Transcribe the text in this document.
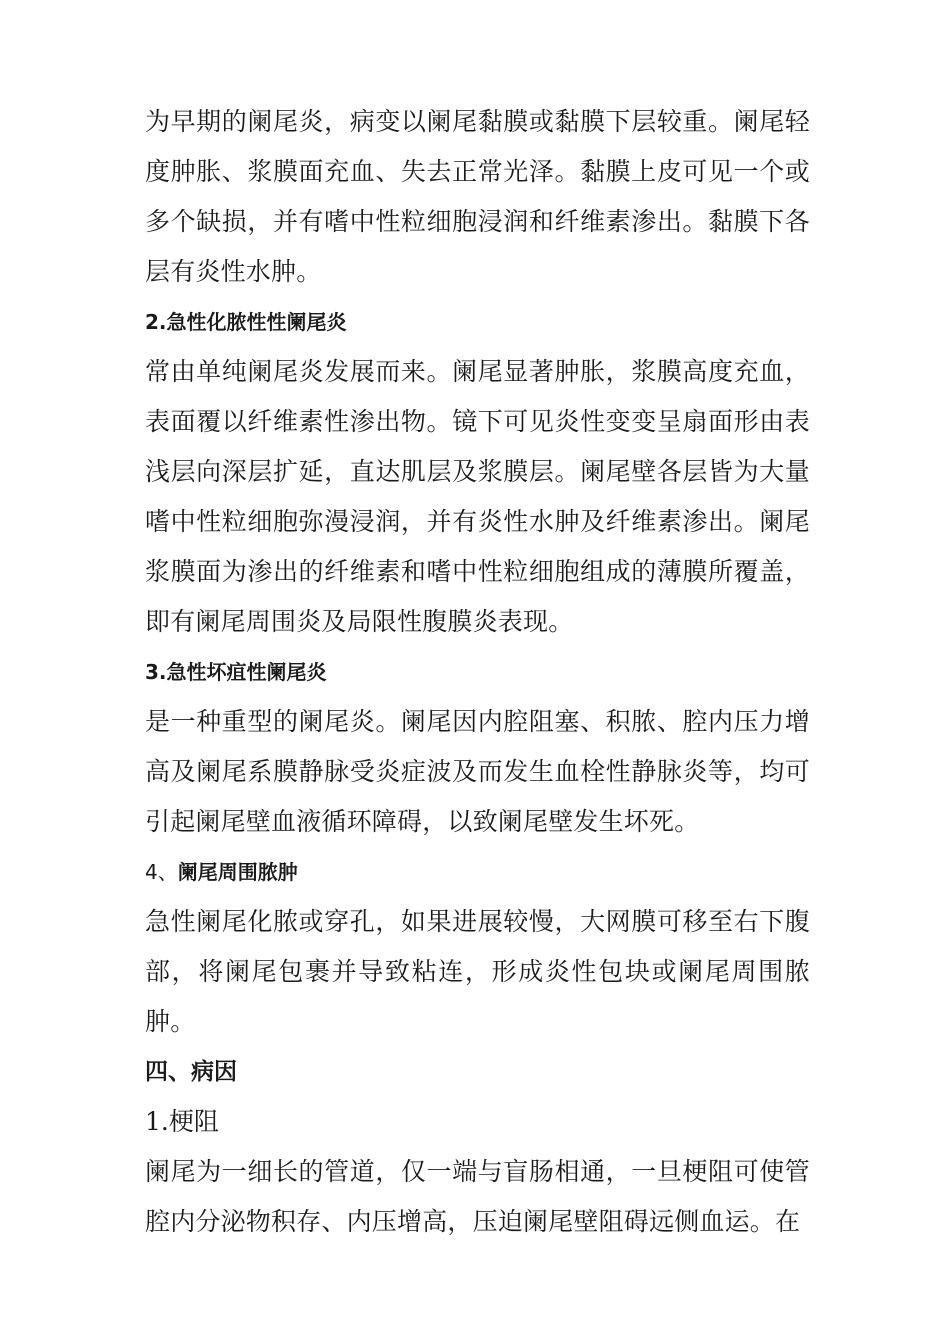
为早期的阑尾炎，病变以阑尾黏膜或黏膜下层较重。阑尾轻度肿胀、浆膜面充血、失去正常光泽。黏膜上皮可见一个或多个缺损，并有嗜中性粒细胞浸润和纤维素渗出。黏膜下各层有炎性水肿。

2.急性化脓性性阑尾炎

常由单纯阑尾炎发展而来。阑尾显著肿胀，浆膜高度充血，表面覆以纤维素性渗出物。镜下可见炎性变变呈扇面形由表浅层向深层扩延，直达肌层及浆膜层。阑尾壁各层皆为大量嗜中性粒细胞弥漫浸润，并有炎性水肿及纤维素渗出。阑尾浆膜面为渗出的纤维素和嗜中性粒细胞组成的薄膜所覆盖，即有阑尾周围炎及局限性腹膜炎表现。

3.急性坏疽性阑尾炎

是一种重型的阑尾炎。阑尾因内腔阻塞、积脓、腔内压力增高及阑尾系膜静脉受炎症波及而发生血栓性静脉炎等，均可引起阑尾壁血液循环障碍，以致阑尾壁发生坏死。

4、阑尾周围脓肿

急性阑尾化脓或穿孔，如果进展较慢，大网膜可移至右下腹部，将阑尾包裹并导致粘连，形成炎性包块或阑尾周围脓肿。

四、病因

1.梗阻

阑尾为一细长的管道，仅一端与盲肠相通，一旦梗阻可使管腔内分泌物积存、内压增高，压迫阑尾壁阻碍远侧血运。在
